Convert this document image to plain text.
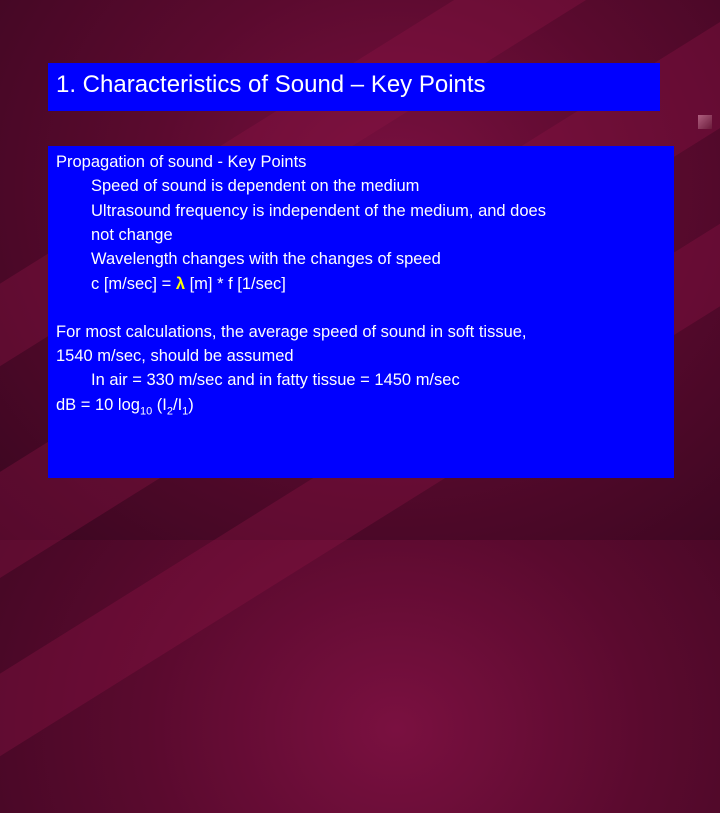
1. Characteristics of Sound – Key Points
Propagation of sound - Key Points
Speed of sound is dependent on the medium
Ultrasound frequency is independent of the medium, and does
not change
Wavelength changes with the changes of speed
c [m/sec] = λ [m] * f [1/sec]
For most calculations, the average speed of sound in soft tissue,
1540 m/sec, should be assumed
In air = 330 m/sec and in fatty tissue = 1450 m/sec
dB = 10 $\log_{10} (I_2/I_1)$
